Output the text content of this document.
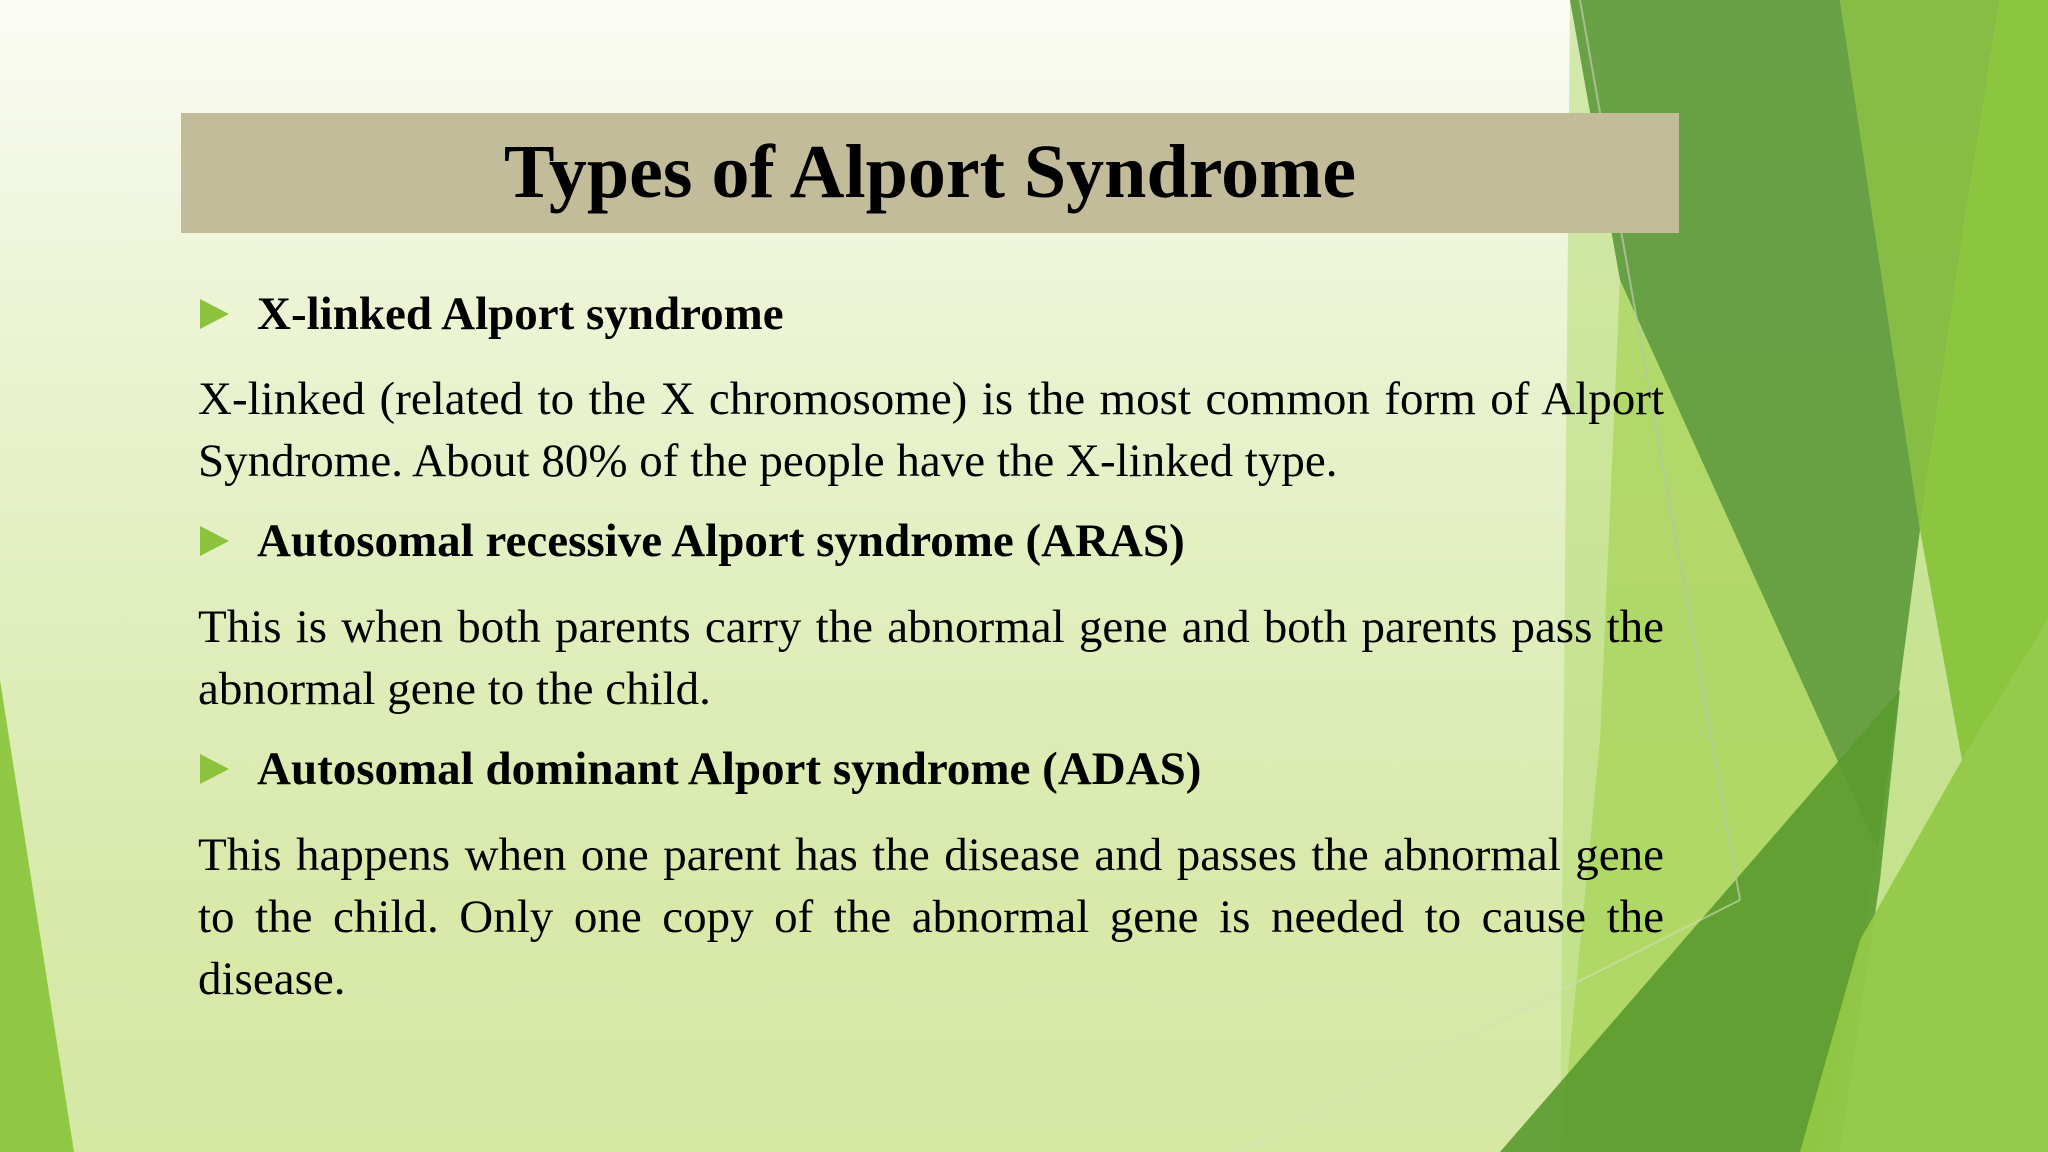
Types of Alport Syndrome
X-linked Alport syndrome
X-linked (related to the X chromosome) is the most common form of Alport Syndrome. About 80% of the people have the X-linked type.
Autosomal recessive Alport syndrome (ARAS)
This is when both parents carry the abnormal gene and both parents pass the abnormal gene to the child.
Autosomal dominant Alport syndrome (ADAS)
This happens when one parent has the disease and passes the abnormal gene to the child. Only one copy of the abnormal gene is needed to cause the disease.
